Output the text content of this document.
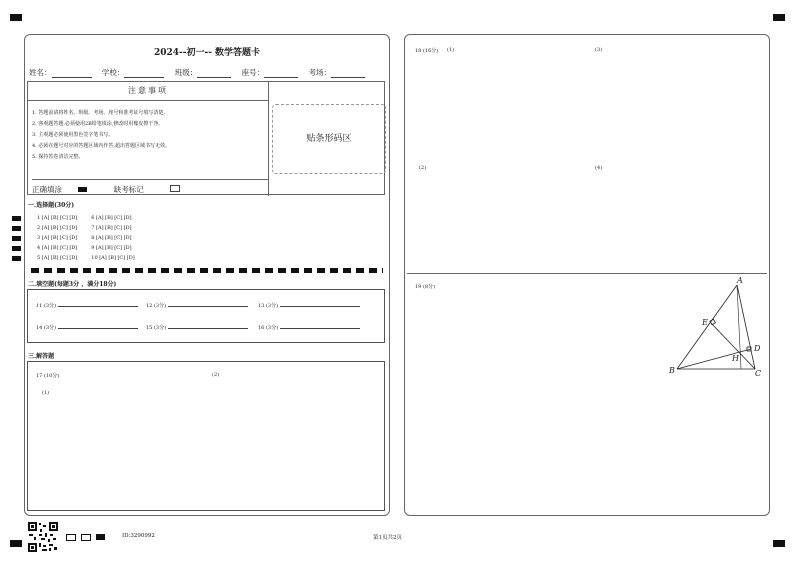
2024--初一-- 数学答题卡
姓名：	学校：	班级：	座号：	考场：
注意事项
1. 答题前请将姓名、班级、考场、座号和准考证号填写清楚。
2. 客观题答题,必须使用2B铅笔填涂,修改时用橡皮擦干净。
3. 主观题必须使用黑色签字笔书写。
4. 必须在题号对应的答题区域内作答,超出答题区域书写无效。
5. 保持答卷清洁完整。
正确填涂	缺考标记
贴条形码区
一.选择题(30分)
1 [A] [B] [C] [D]	6 [A] [B] [C] [D]
2 [A] [B] [C] [D]	7 [A] [B] [C] [D]
3 [A] [B] [C] [D]	8 [A] [B] [C] [D]
4 [A] [B] [C] [D]	9 [A] [B] [C] [D]
5 [A] [B] [C] [D]	10 [A] [B] [C] [D]
二.填空题(每题3分 ，满分18分)
11 (3分)	12 (3分)	13 (3分)
14 (3分)	15 (3分)	16 (3分)
三.解答题
17 (10分)	(2)
(1)
18 (16分) (1)	(3)
(2)	(4)
19 (8分)
A
E
D
H
B	C
ID:3290992	第1页共2页
